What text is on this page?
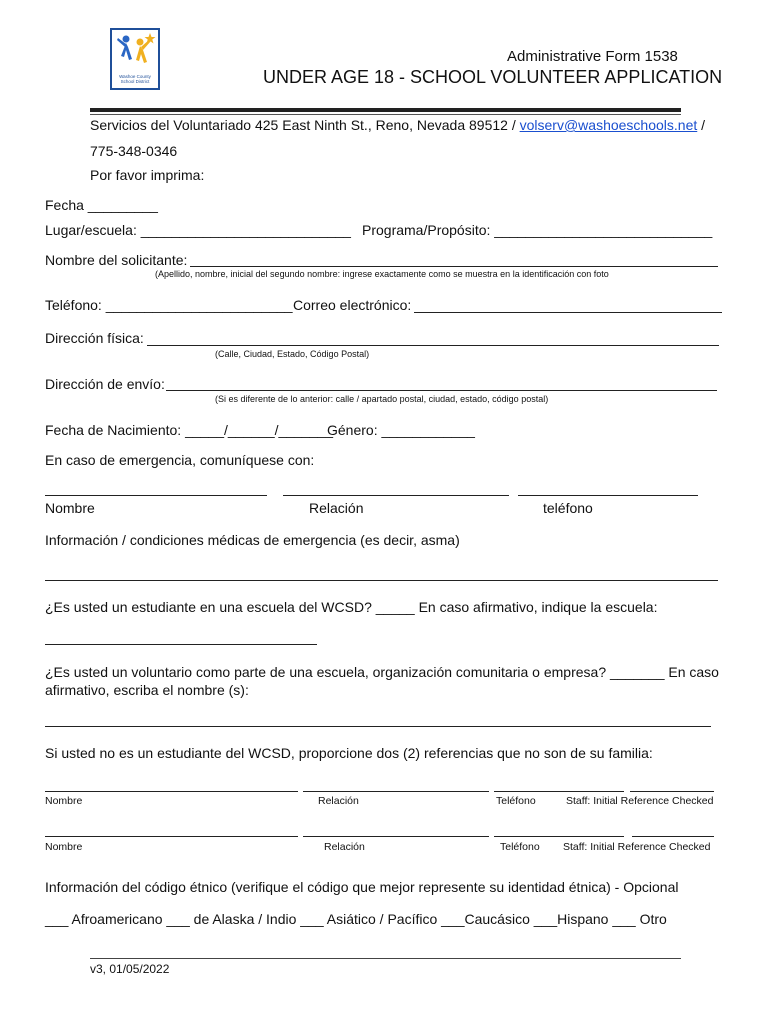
Washoe County School District
Administrative Form 1538
UNDER AGE 18 - SCHOOL VOLUNTEER APPLICATION
Servicios del Voluntariado 425 East Ninth St., Reno, Nevada 89512 / volserv@washoeschools.net /
775-348-0346
Por favor imprima:
Fecha _________
Lugar/escuela: ___________________________ Programa/Propósito: ____________________________
Nombre del solicitante:
(Apellido, nombre, inicial del segundo nombre: ingrese exactamente como se muestra en la identificación con foto
Teléfono: ________________________ Correo electrónico:
Dirección física:
(Calle, Ciudad, Estado, Código Postal)
Dirección de envío:
(Si es diferente de lo anterior: calle / apartado postal, ciudad, estado, código postal)
Fecha de Nacimiento: _____/______/_______
Género: ____________
En caso de emergencia, comuníquese con:
Nombre	Relación	teléfono
Información / condiciones médicas de emergencia (es decir, asma)
¿Es usted un estudiante en una escuela del WCSD? _____ En caso afirmativo, indique la escuela:
¿Es usted un voluntario como parte de una escuela, organización comunitaria o empresa? _______ En caso
afirmativo, escriba el nombre (s):
Si usted no es un estudiante del WCSD, proporcione dos (2) referencias que no son de su familia:
Nombre	Relación	Teléfono	Staff: Initial Reference Checked
Nombre	Relación	Teléfono Staff: Initial Reference Checked
Información del código étnico (verifique el código que mejor represente su identidad étnica) - Opcional
___ Afroamericano ___ de Alaska / Indio ___ Asiático / Pacífico ___Caucásico ___Hispano ___ Otro
v3, 01/05/2022
